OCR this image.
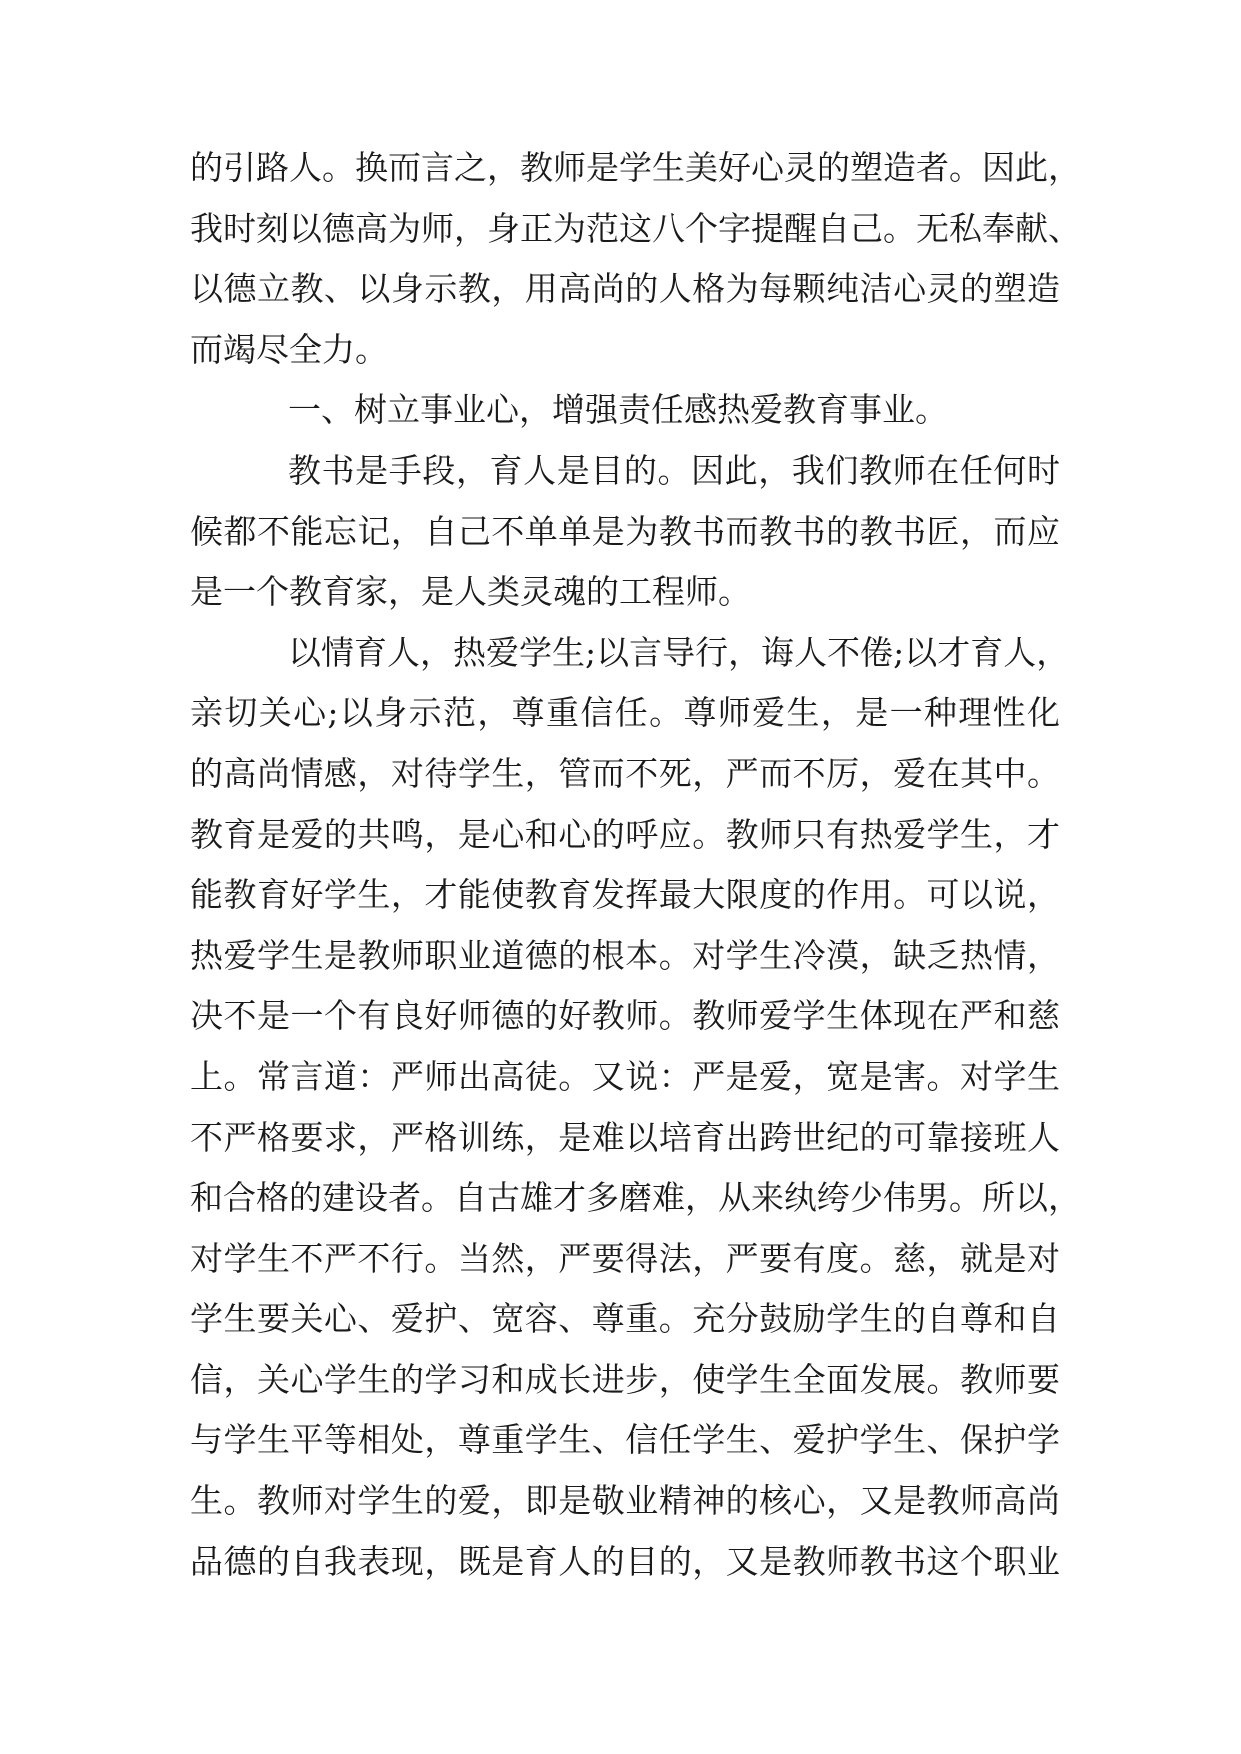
的引路人。换而言之，教师是学生美好心灵的塑造者。因此，
我时刻以德高为师，身正为范这八个字提醒自己。无私奉献、
以德立教、以身示教，用高尚的人格为每颗纯洁心灵的塑造
而竭尽全力。
一、树立事业心，增强责任感热爱教育事业。
教书是手段，育人是目的。因此，我们教师在任何时
候都不能忘记，自己不单单是为教书而教书的教书匠，而应
是一个教育家，是人类灵魂的工程师。
以情育人，热爱学生;以言导行，诲人不倦;以才育人，
亲切关心;以身示范，尊重信任。尊师爱生，是一种理性化
的高尚情感，对待学生，管而不死，严而不厉，爱在其中。
教育是爱的共鸣，是心和心的呼应。教师只有热爱学生，才
能教育好学生，才能使教育发挥最大限度的作用。可以说，
热爱学生是教师职业道德的根本。对学生冷漠，缺乏热情，
决不是一个有良好师德的好教师。教师爱学生体现在严和慈
上。常言道：严师出高徒。又说：严是爱，宽是害。对学生
不严格要求，严格训练，是难以培育出跨世纪的可靠接班人
和合格的建设者。自古雄才多磨难，从来纨绔少伟男。所以，
对学生不严不行。当然，严要得法，严要有度。慈，就是对
学生要关心、爱护、宽容、尊重。充分鼓励学生的自尊和自
信，关心学生的学习和成长进步，使学生全面发展。教师要
与学生平等相处，尊重学生、信任学生、爱护学生、保护学
生。教师对学生的爱，即是敬业精神的核心，又是教师高尚
品德的自我表现，既是育人的目的，又是教师教书这个职业
